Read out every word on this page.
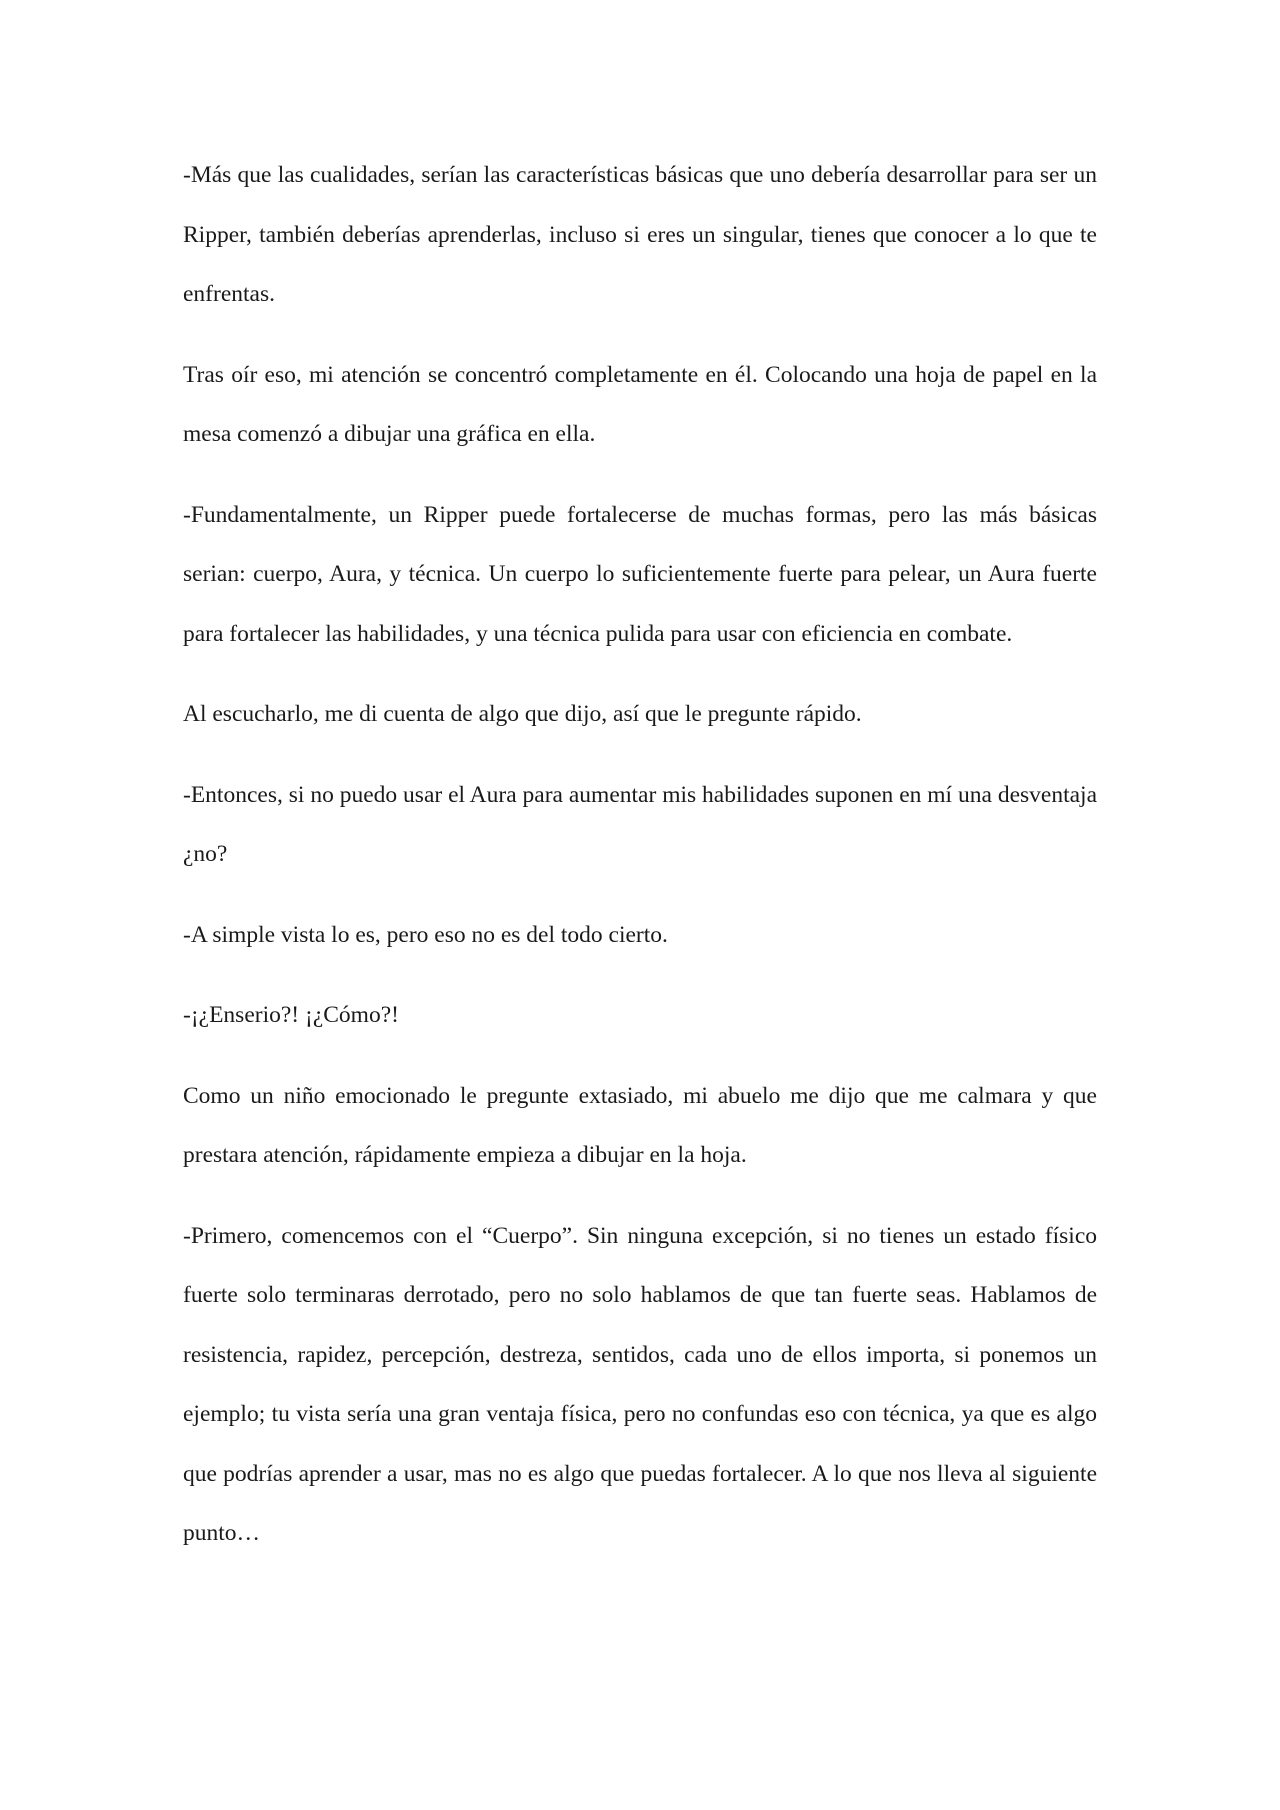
-Más que las cualidades, serían las características básicas que uno debería desarrollar para ser un Ripper, también deberías aprenderlas, incluso si eres un singular, tienes que conocer a lo que te enfrentas.

Tras oír eso, mi atención se concentró completamente en él. Colocando una hoja de papel en la mesa comenzó a dibujar una gráfica en ella.

-Fundamentalmente, un Ripper puede fortalecerse de muchas formas, pero las más básicas serian: cuerpo, Aura, y técnica. Un cuerpo lo suficientemente fuerte para pelear, un Aura fuerte para fortalecer las habilidades, y una técnica pulida para usar con eficiencia en combate.

Al escucharlo, me di cuenta de algo que dijo, así que le pregunte rápido.

-Entonces, si no puedo usar el Aura para aumentar mis habilidades suponen en mí una desventaja ¿no?

-A simple vista lo es, pero eso no es del todo cierto.

-¡¿Enserio?! ¡¿Cómo?!

Como un niño emocionado le pregunte extasiado, mi abuelo me dijo que me calmara y que prestara atención, rápidamente empieza a dibujar en la hoja.

-Primero, comencemos con el “Cuerpo”. Sin ninguna excepción, si no tienes un estado físico fuerte solo terminaras derrotado, pero no solo hablamos de que tan fuerte seas. Hablamos de resistencia, rapidez, percepción, destreza, sentidos, cada uno de ellos importa, si ponemos un ejemplo; tu vista sería una gran ventaja física, pero no confundas eso con técnica, ya que es algo que podrías aprender a usar, mas no es algo que puedas fortalecer. A lo que nos lleva al siguiente punto…
